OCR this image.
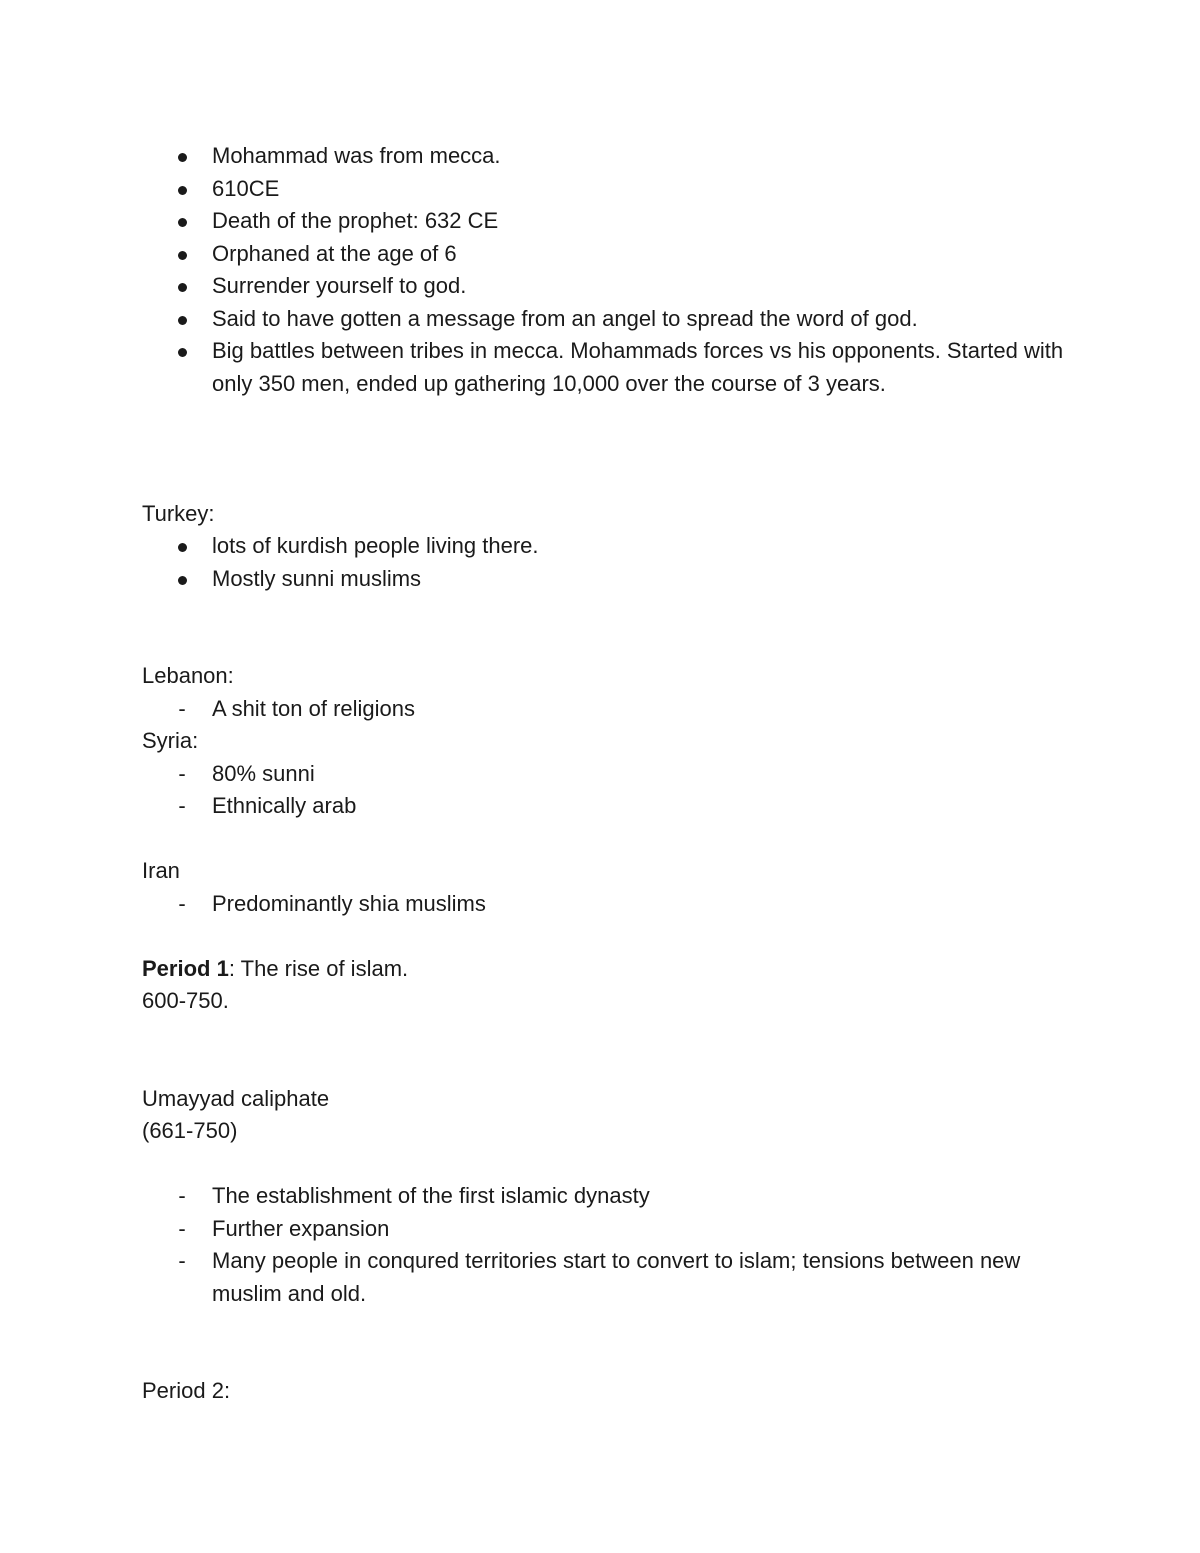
Mohammad was from mecca.
610CE
Death of the prophet: 632 CE
Orphaned at the age of 6
Surrender yourself to god.
Said to have gotten a message from an angel to spread the word of god.
Big battles between tribes in mecca. Mohammads forces vs his opponents. Started with only 350 men, ended up gathering 10,000 over the course of 3 years.
Turkey:
lots of kurdish people living there.
Mostly sunni muslims
Lebanon:
- A shit ton of religions
Syria:
- 80% sunni
- Ethnically arab
Iran
- Predominantly shia muslims
Period 1: The rise of islam.
600-750.
Umayyad caliphate
(661-750)
- The establishment of the first islamic dynasty
- Further expansion
- Many people in conqured territories start to convert to islam; tensions between new muslim and old.
Period 2:
